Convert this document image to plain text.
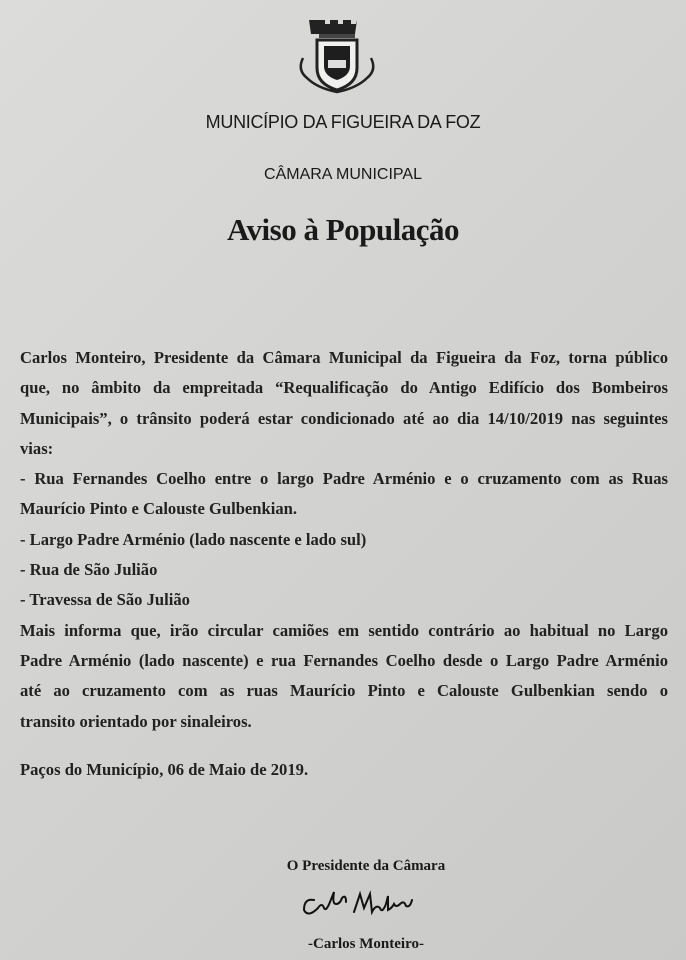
MUNICÍPIO DA FIGUEIRA DA FOZ
CÂMARA MUNICIPAL
Aviso à População
Carlos Monteiro, Presidente da Câmara Municipal da Figueira da Foz, torna público
que, no âmbito da empreitada “Requalificação do Antigo Edifício dos Bombeiros
Municipais”, o trânsito poderá estar condicionado até ao dia 14/10/2019 nas seguintes
vias:
- Rua Fernandes Coelho entre o largo Padre Arménio e o cruzamento com as Ruas
Maurício Pinto e Calouste Gulbenkian.
- Largo Padre Arménio (lado nascente e lado sul)
- Rua de São Julião
- Travessa de São Julião
Mais informa que, irão circular camiões em sentido contrário ao habitual no Largo
Padre Arménio (lado nascente) e rua Fernandes Coelho desde o Largo Padre Arménio
até ao cruzamento com as ruas Maurício Pinto e Calouste Gulbenkian sendo o
transito orientado por sinaleiros.
Paços do Município, 06 de Maio de 2019.
O Presidente da Câmara
-Carlos Monteiro-
